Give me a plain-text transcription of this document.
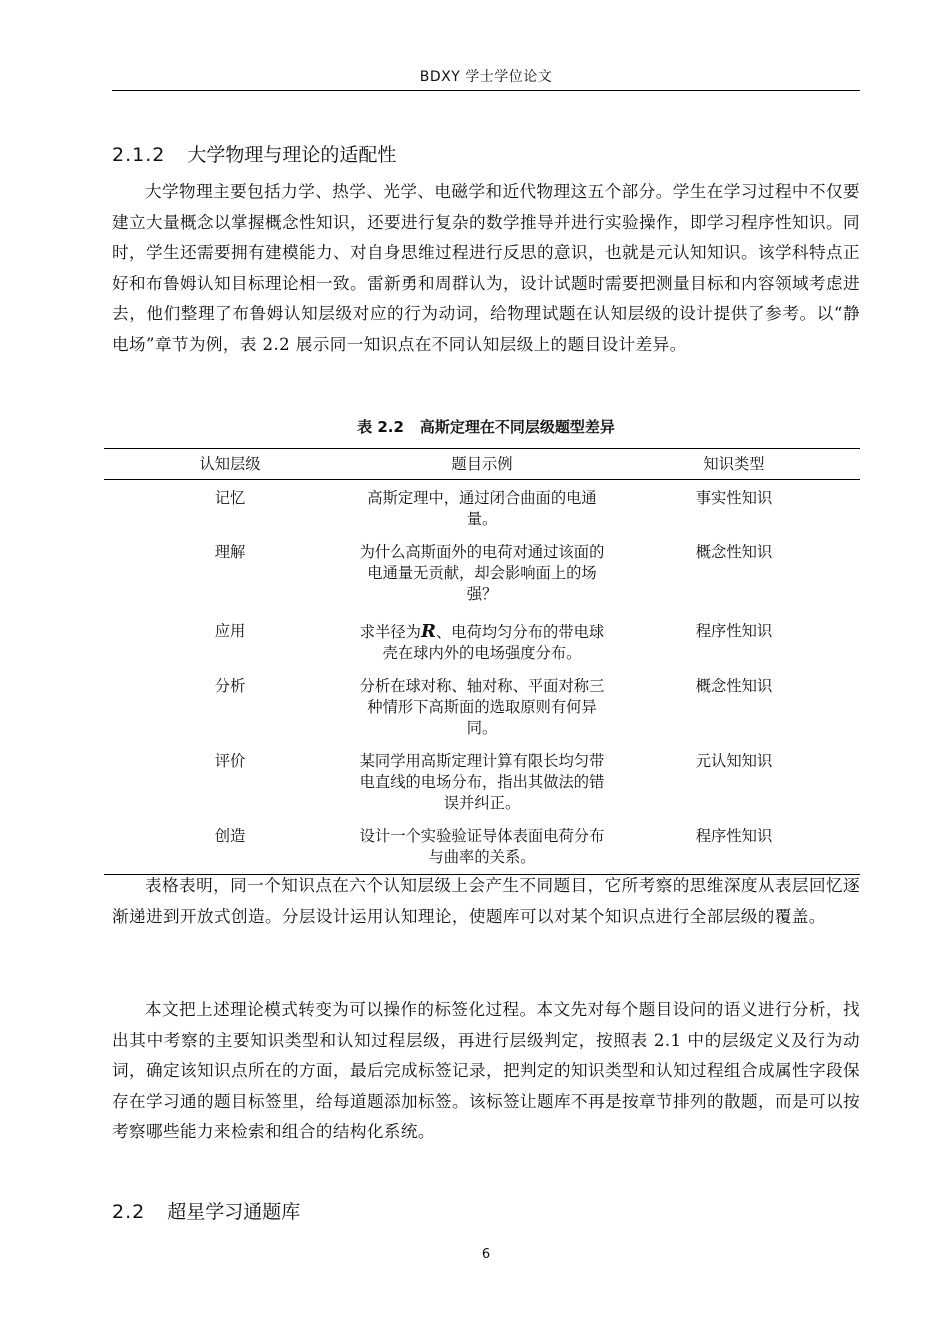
BDXY 学士学位论文
2.1.2 大学物理与理论的适配性
大学物理主要包括力学、热学、光学、电磁学和近代物理这五个部分。学生在学习过程中不仅要建立大量概念以掌握概念性知识，还要进行复杂的数学推导并进行实验操作，即学习程序性知识。同时，学生还需要拥有建模能力、对自身思维过程进行反思的意识，也就是元认知知识。该学科特点正好和布鲁姆认知目标理论相一致。雷新勇和周群认为，设计试题时需要把测量目标和内容领域考虑进去，他们整理了布鲁姆认知层级对应的行为动词，给物理试题在认知层级的设计提供了参考。以“静电场”章节为例，表 2.2 展示同一知识点在不同认知层级上的题目设计差异。
表 2.2 高斯定理在不同层级题型差异
认知层级	题目示例	知识类型
记忆	高斯定理中，通过闭合曲面的电通量。	事实性知识
理解	为什么高斯面外的电荷对通过该面的电通量无贡献，却会影响面上的场强？	概念性知识
应用	求半径为R、电荷均匀分布的带电球壳在球内外的电场强度分布。	程序性知识
分析	分析在球对称、轴对称、平面对称三种情形下高斯面的选取原则有何异同。	概念性知识
评价	某同学用高斯定理计算有限长均匀带电直线的电场分布，指出其做法的错误并纠正。	元认知知识
创造	设计一个实验验证导体表面电荷分布与曲率的关系。	程序性知识
表格表明，同一个知识点在六个认知层级上会产生不同题目，它所考察的思维深度从表层回忆逐渐递进到开放式创造。分层设计运用认知理论，使题库可以对某个知识点进行全部层级的覆盖。
本文把上述理论模式转变为可以操作的标签化过程。本文先对每个题目设问的语义进行分析，找出其中考察的主要知识类型和认知过程层级，再进行层级判定，按照表 2.1 中的层级定义及行为动词，确定该知识点所在的方面，最后完成标签记录，把判定的知识类型和认知过程组合成属性字段保存在学习通的题目标签里，给每道题添加标签。该标签让题库不再是按章节排列的散题，而是可以按考察哪些能力来检索和组合的结构化系统。
2.2 超星学习通题库
6
